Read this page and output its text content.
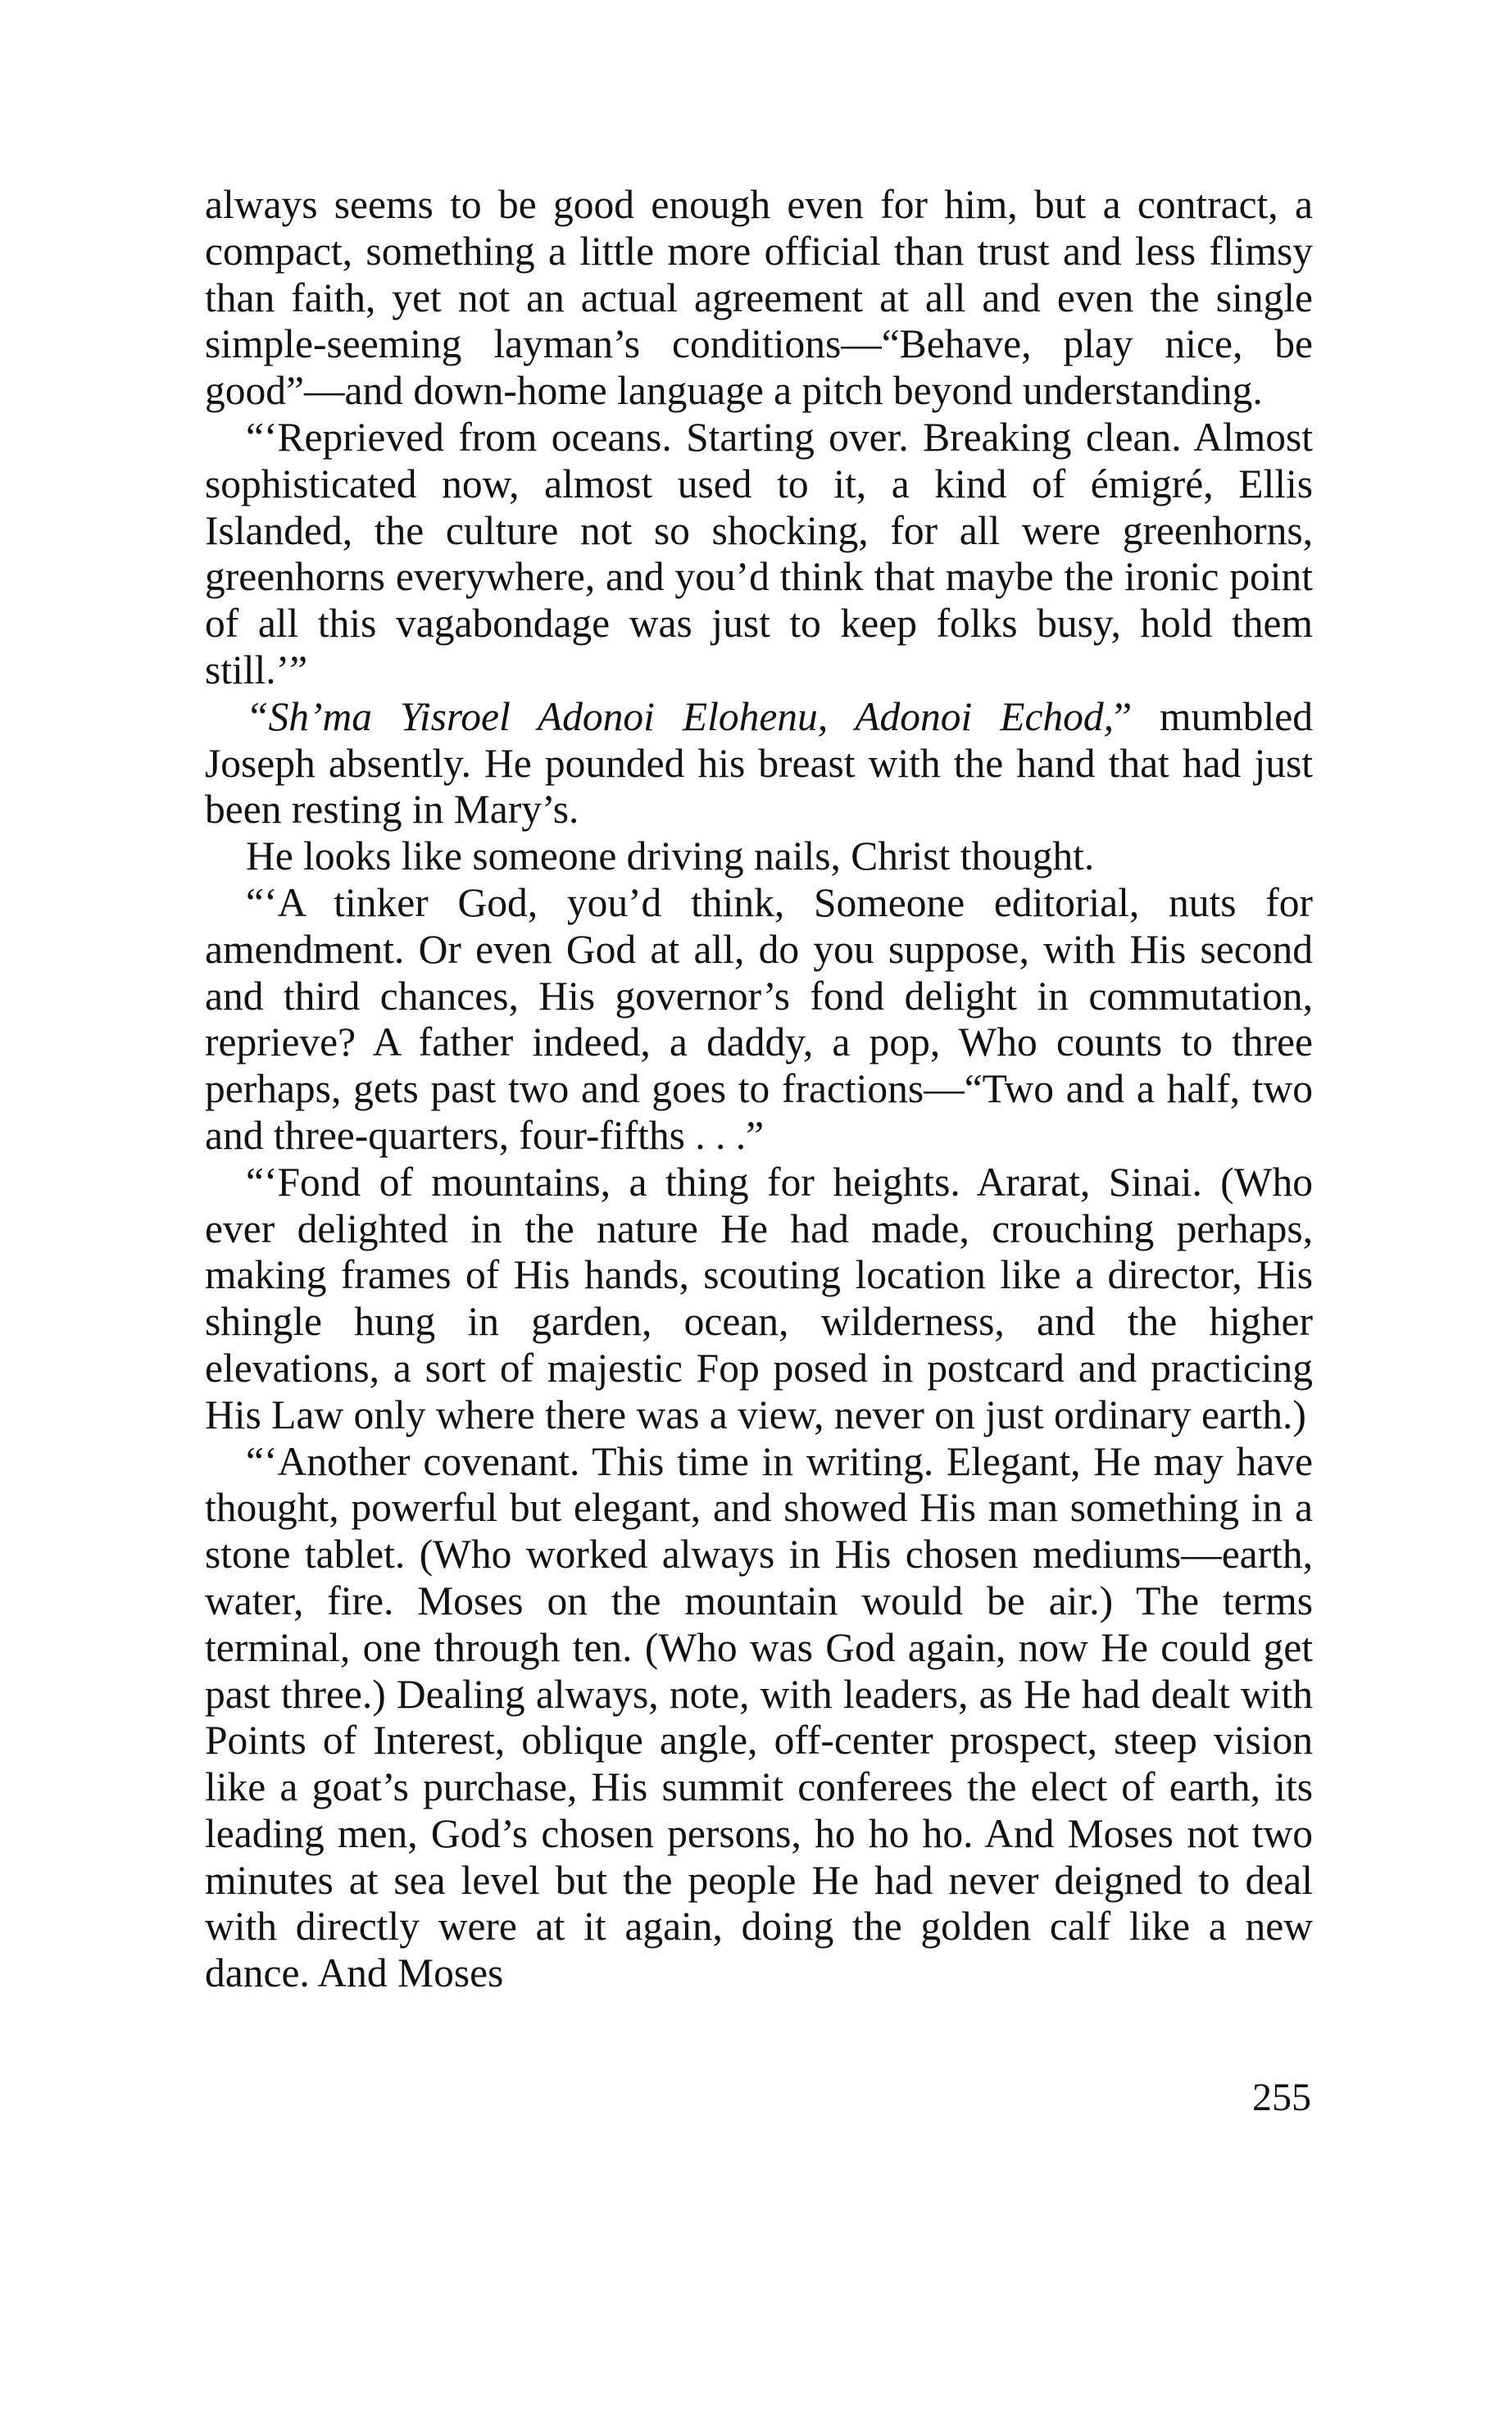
always seems to be good enough even for him, but a contract, a compact, something a little more official than trust and less flimsy than faith, yet not an actual agreement at all and even the single simple-seeming layman’s conditions—“Behave, play nice, be good”—and down-home language a pitch beyond understanding.

“‘Reprieved from oceans. Starting over. Breaking clean. Almost sophisticated now, almost used to it, a kind of émigré, Ellis Islanded, the culture not so shocking, for all were greenhorns, greenhorns everywhere, and you’d think that maybe the ironic point of all this vagabondage was just to keep folks busy, hold them still.’”

“Sh’ma Yisroel Adonoi Elohenu, Adonoi Echod,” mumbled Joseph absently. He pounded his breast with the hand that had just been resting in Mary’s.

He looks like someone driving nails, Christ thought.

“‘A tinker God, you’d think, Someone editorial, nuts for amendment. Or even God at all, do you suppose, with His second and third chances, His governor’s fond delight in commutation, reprieve? A father indeed, a daddy, a pop, Who counts to three perhaps, gets past two and goes to fractions—“Two and a half, two and three-quarters, four-fifths . . .”

“‘Fond of mountains, a thing for heights. Ararat, Sinai. (Who ever delighted in the nature He had made, crouching perhaps, making frames of His hands, scouting location like a director, His shingle hung in garden, ocean, wilderness, and the higher elevations, a sort of majestic Fop posed in postcard and practicing His Law only where there was a view, never on just ordinary earth.)

“‘Another covenant. This time in writing. Elegant, He may have thought, powerful but elegant, and showed His man something in a stone tablet. (Who worked always in His chosen mediums—earth, water, fire. Moses on the mountain would be air.) The terms terminal, one through ten. (Who was God again, now He could get past three.) Dealing always, note, with leaders, as He had dealt with Points of Interest, oblique angle, off-center prospect, steep vision like a goat’s purchase, His summit conferees the elect of earth, its leading men, God’s chosen persons, ho ho ho. And Moses not two minutes at sea level but the people He had never deigned to deal with directly were at it again, doing the golden calf like a new dance. And Moses

255
